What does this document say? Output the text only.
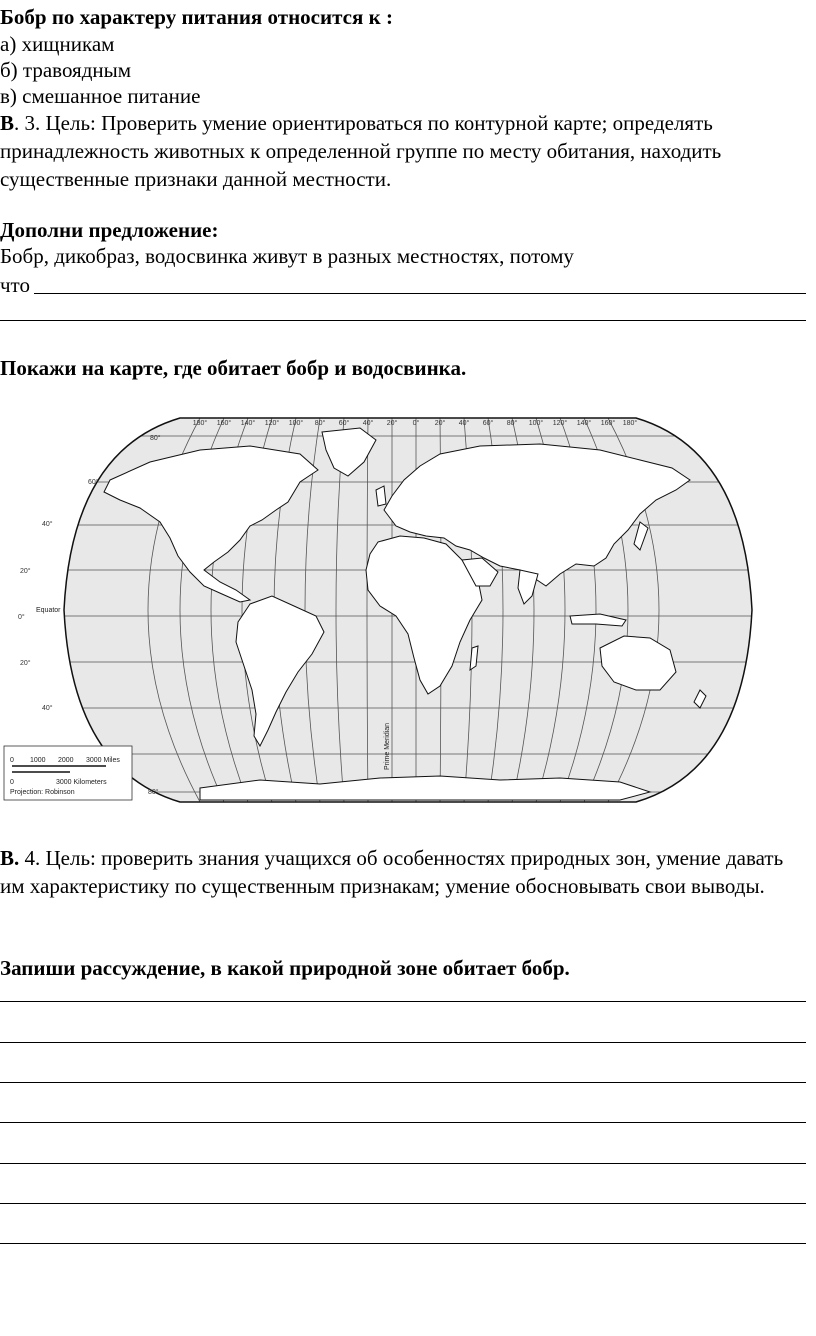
Бобр по характеру питания относится к :
а) хищникам
б) травоядным
в) смешанное питание
В. 3. Цель: Проверить умение ориентироваться по контурной карте; определять принадлежность животных к определенной группе по месту обитания, находить существенные признаки данной местности.
Дополни предложение:
Бобр, дикобраз, водосвинка живут в разных местностях, потому
что
Покажи на карте, где обитает бобр и водосвинка.
180° 160° 140° 120° 100° 80° 60° 40° 20° 0° 20° 40° 60° 80° 100° 120° 140° 160° 180°
80°
60°
40°
20°
0°
20°
40°
80°
Equator
Prime Meridian
0 1000 2000 3000 Miles
0	3000 Kilometers
Projection: Robinson
В. 4. Цель: проверить знания учащихся об особенностях природных зон, умение давать им характеристику по существенным признакам; умение обосновывать свои выводы.
Запиши рассуждение, в какой природной зоне обитает бобр.
